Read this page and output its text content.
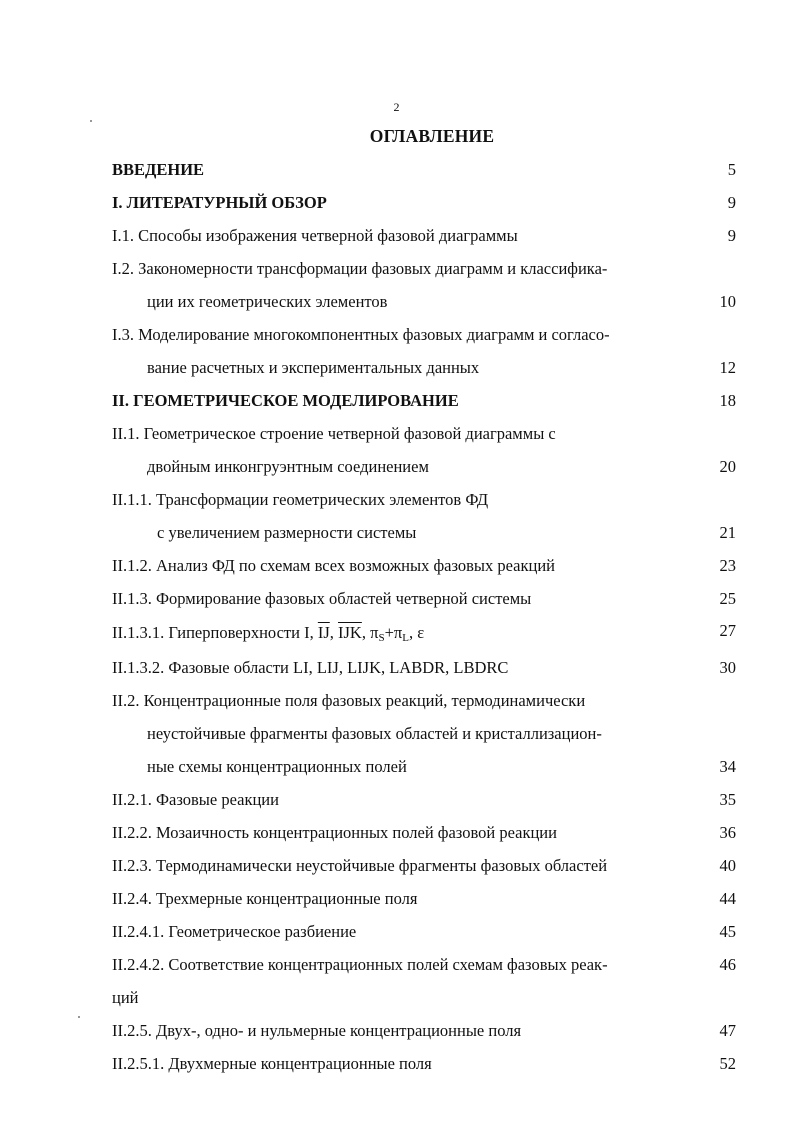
2
ОГЛАВЛЕНИЕ
ВВЕДЕНИЕ	5
I. ЛИТЕРАТУРНЫЙ ОБЗОР	9
I.1. Способы изображения четверной фазовой диаграммы	9
I.2. Закономерности трансформации фазовых диаграмм и классифика-
ции их геометрических элементов	10
I.3. Моделирование многокомпонентных фазовых диаграмм и согласо-
вание расчетных и экспериментальных данных	12
II. ГЕОМЕТРИЧЕСКОЕ МОДЕЛИРОВАНИЕ	18
II.1. Геометрическое строение четверной фазовой диаграммы с
двойным инконгруэнтным соединением	20
II.1.1. Трансформации геометрических элементов ФД
с увеличением размерности системы	21
II.1.2. Анализ ФД по схемам всех возможных фазовых реакций	23
II.1.3. Формирование фазовых областей четверной системы	25
II.1.3.1. Гиперповерхности I, $\overline{IJ}$, $\overline{IJK}$, $\pi_S+\pi_L$, ε	27
II.1.3.2. Фазовые области LI, LIJ, LIJK, LABDR, LBDRC	30
II.2. Концентрационные поля фазовых реакций, термодинамически
неустойчивые фрагменты фазовых областей и кристаллизацион-
ные схемы концентрационных полей	34
II.2.1. Фазовые реакции	35
II.2.2. Мозаичность концентрационных полей фазовой реакции	36
II.2.3. Термодинамически неустойчивые фрагменты фазовых областей	40
II.2.4. Трехмерные концентрационные поля	44
II.2.4.1. Геометрическое разбиение	45
II.2.4.2. Соответствие концентрационных полей схемам фазовых реак-	46
ций
II.2.5. Двух-, одно- и нульмерные концентрационные поля	47
II.2.5.1. Двухмерные концентрационные поля	52
